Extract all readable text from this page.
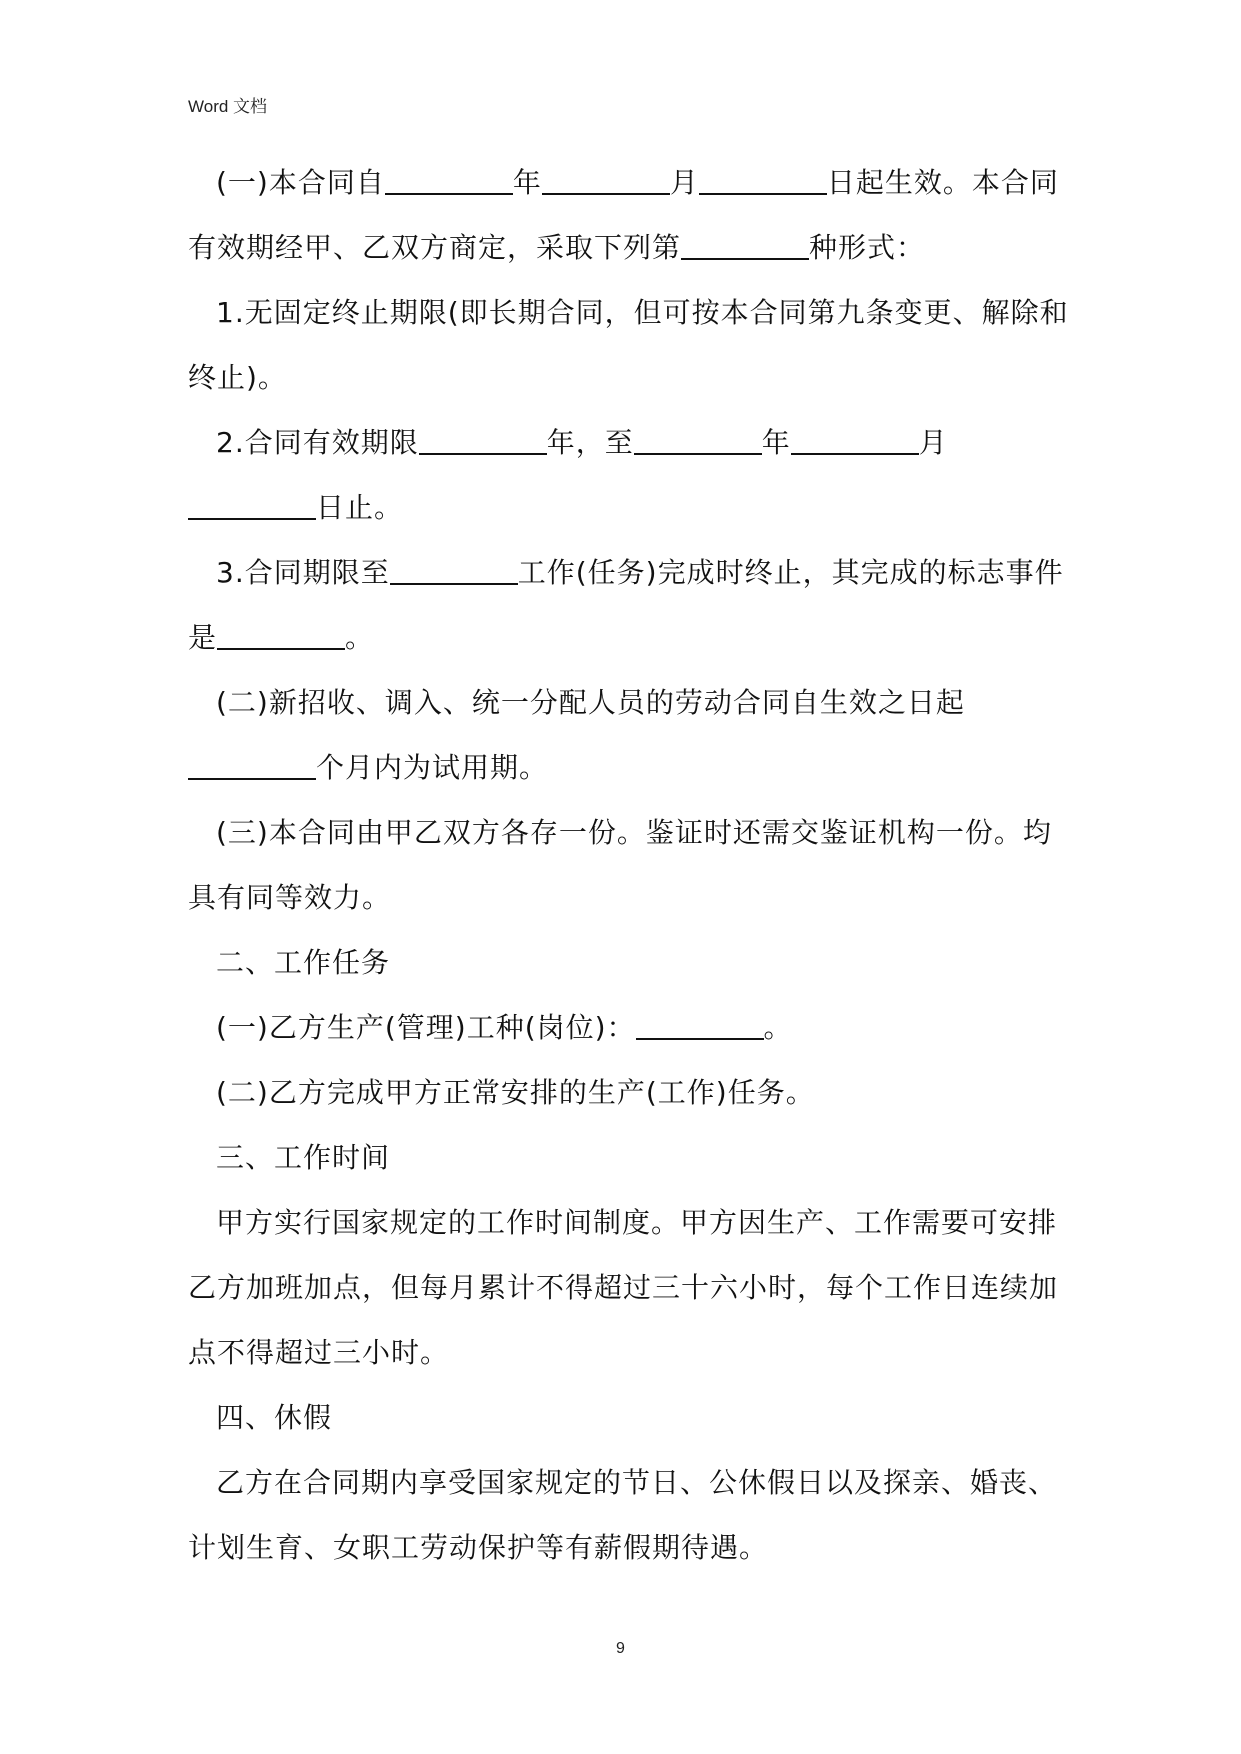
Word 文档
(一)本合同自	年	月	日起生效。本合同
有效期经甲、乙双方商定，采取下列第	种形式：
1.无固定终止期限(即长期合同，但可按本合同第九条变更、解除和
终止)。
2.合同有效期限	年，至	年	月
日止。
3.合同期限至	工作(任务)完成时终止，其完成的标志事件
是	。
(二)新招收、调入、统一分配人员的劳动合同自生效之日起
个月内为试用期。
(三)本合同由甲乙双方各存一份。鉴证时还需交鉴证机构一份。均
具有同等效力。
二、工作任务
(一)乙方生产(管理)工种(岗位)：	。
(二)乙方完成甲方正常安排的生产(工作)任务。
三、工作时间
甲方实行国家规定的工作时间制度。甲方因生产、工作需要可安排
乙方加班加点，但每月累计不得超过三十六小时，每个工作日连续加
点不得超过三小时。
四、休假
乙方在合同期内享受国家规定的节日、公休假日以及探亲、婚丧、
计划生育、女职工劳动保护等有薪假期待遇。
9
